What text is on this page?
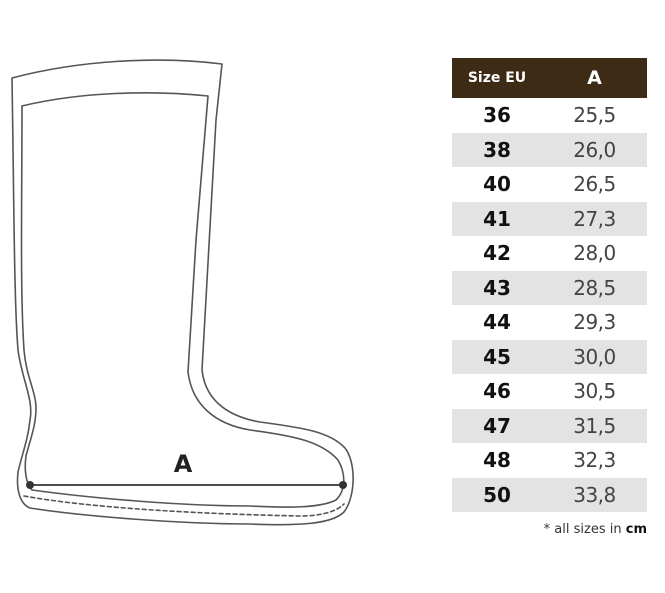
A
Size EU	A
36	25,5
38	26,0
40	26,5
41	27,3
42	28,0
43	28,5
44	29,3
45	30,0
46	30,5
47	31,5
48	32,3
50	33,8
* all sizes in cm
